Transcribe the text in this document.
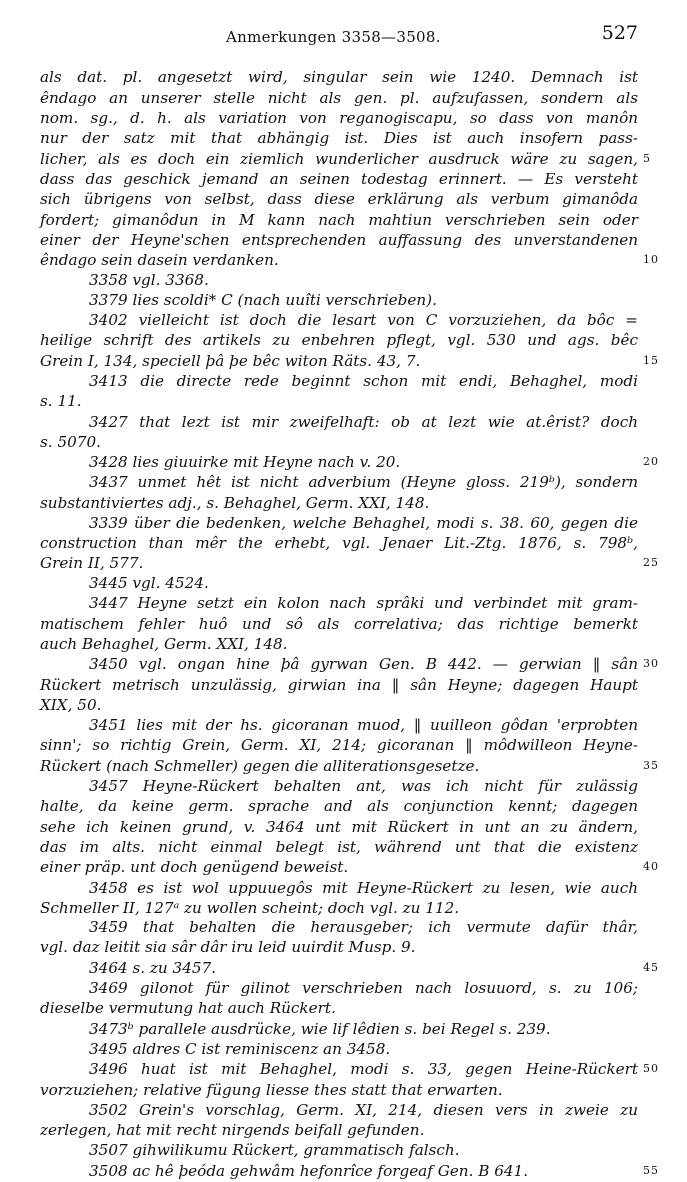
Anmerkungen 3358—3508.	527
als dat. pl. angesetzt wird, singular sein wie 1240. Demnach ist
êndago an unserer stelle nicht als gen. pl. aufzufassen, sondern als
nom. sg., d. h. als variation von reganogiscapu, so dass von manôn
nur der satz mit that abhängig ist. Dies ist auch insofern pass-
licher, als es doch ein ziemlich wunderlicher ausdruck wäre zu sagen,
dass das geschick jemand an seinen todestag erinnert. — Es versteht
sich übrigens von selbst, dass diese erklärung als verbum gimanôda
fordert; gimanôdun in M kann nach mahtiun verschrieben sein oder
einer der Heyne'schen entsprechenden auffassung des unverstandenen
êndago sein dasein verdanken.
3358 vgl. 3368.
3379 lies scoldi* C (nach uuîti verschrieben).
3402 vielleicht ist doch die lesart von C vorzuziehen, da bôc =
heilige schrift des artikels zu enbehren pflegt, vgl. 530 und ags. bêc
Grein I, 134, speciell þâ þe bêc witon Räts. 43, 7.
3413 die directe rede beginnt schon mit endi, Behaghel, modi
s. 11.
3427 that lezt ist mir zweifelhaft: ob at lezt wie at.êrist? doch
s. 5070.
3428 lies giuuirke mit Heyne nach v. 20.
3437 unmet hêt ist nicht adverbium (Heyne gloss. 219ᵇ), sondern
substantiviertes adj., s. Behaghel, Germ. XXI, 148.
3339 über die bedenken, welche Behaghel, modi s. 38. 60, gegen die
construction than mêr the erhebt, vgl. Jenaer Lit.-Ztg. 1876, s. 798ᵇ,
Grein II, 577.
3445 vgl. 4524.
3447 Heyne setzt ein kolon nach sprâki und verbindet mit gram-
matischem fehler huô und sô als correlativa; das richtige bemerkt
auch Behaghel, Germ. XXI, 148.
3450 vgl. ongan hine þâ gyrwan Gen. B 442. — gerwian ‖ sân
Rückert metrisch unzulässig, girwian ina ‖ sân Heyne; dagegen Haupt
XIX, 50.
3451 lies mit der hs. gicoranan muod, ‖ uuilleon gôdan 'erprobten
sinn'; so richtig Grein, Germ. XI, 214; gicoranan ‖ môdwilleon Heyne-
Rückert (nach Schmeller) gegen die alliterationsgesetze.
3457 Heyne-Rückert behalten ant, was ich nicht für zulässig
halte, da keine germ. sprache and als conjunction kennt; dagegen
sehe ich keinen grund, v. 3464 unt mit Rückert in unt an zu ändern,
das im alts. nicht einmal belegt ist, während unt that die existenz
einer präp. unt doch genügend beweist.
3458 es ist wol uppuuegôs mit Heyne-Rückert zu lesen, wie auch
Schmeller II, 127ᵃ zu wollen scheint; doch vgl. zu 112.
3459 that behalten die herausgeber; ich vermute dafür thâr,
vgl. daz leitit sia sâr dâr iru leid uuirdit Musp. 9.
3464 s. zu 3457.
3469 gilonot für gilinot verschrieben nach losuuord, s. zu 106;
dieselbe vermutung hat auch Rückert.
3473ᵇ parallele ausdrücke, wie lif lêdien s. bei Regel s. 239.
3495 aldres C ist reminiscenz an 3458.
3496 huat ist mit Behaghel, modi s. 33, gegen Heine-Rückert
vorzuziehen; relative fügung liesse thes statt that erwarten.
3502 Grein's vorschlag, Germ. XI, 214, diesen vers in zweie zu
zerlegen, hat mit recht nirgends beifall gefunden.
3507 gihwilikumu Rückert, grammatisch falsch.
3508 ac hê þeóda gehwâm hefonrîce forgeaf Gen. B 641.
5
10
15
20
25
30
35
40
45
50
55
